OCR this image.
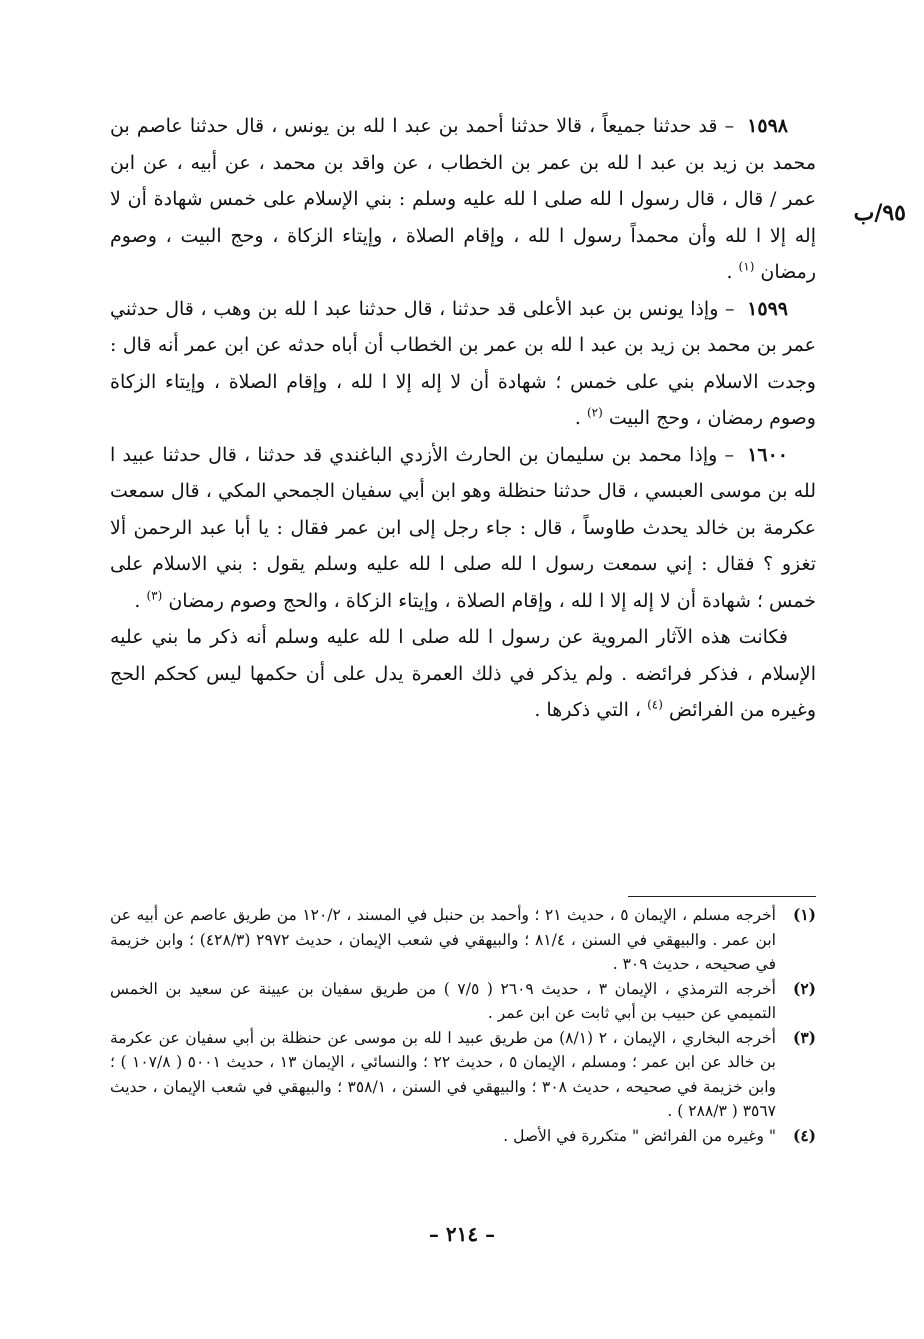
٩٥/ب

١٥٩٨ – قد حدثنا جميعاً ، قالا حدثنا أحمد بن عبد ا لله بن يونس ، قال حدثنا عاصم بن محمد بن زيد بن عبد ا لله بن عمر بن الخطاب ، عن واقد بن محمد ، عن أبيه ، عن ابن عمر / قال ، قال رسول ا لله صلى ا لله عليه وسلم : بني الإسلام على خمس شهادة أن لا إله إلا ا لله وأن محمداً رسول ا لله ، وإقام الصلاة ، وإيتاء الزكاة ، وحج البيت ، وصوم رمضان $^{(١)}$ .

١٥٩٩ – وإذا يونس بن عبد الأعلى قد حدثنا ، قال حدثنا عبد ا لله بن وهب ، قال حدثني عمر بن محمد بن زيد بن عبد ا لله بن عمر بن الخطاب أن أباه حدثه عن ابن عمر أنه قال : وجدت الاسلام بني على خمس ؛ شهادة أن لا إله إلا ا لله ، وإقام الصلاة ، وإيتاء الزكاة وصوم رمضان ، وحج البيت $^{(٢)}$ .

١٦٠٠ – وإذا محمد بن سليمان بن الحارث الأزدي الباغندي قد حدثنا ، قال حدثنا عبيد ا لله بن موسى العبسي ، قال حدثنا حنظلة وهو ابن أبي سفيان الجمحي المكي ، قال سمعت عكرمة بن خالد يحدث طاوساً ، قال : جاء رجل إلى ابن عمر فقال : يا أبا عبد الرحمن ألا تغزو ؟ فقال : إني سمعت رسول ا لله صلى ا لله عليه وسلم يقول : بني الاسلام على خمس ؛ شهادة أن لا إله إلا ا لله ، وإقام الصلاة ، وإيتاء الزكاة ، والحج وصوم رمضان $^{(٣)}$ .

فكانت هذه الآثار المروية عن رسول ا لله صلى ا لله عليه وسلم أنه ذكر ما بني عليه الإسلام ، فذكر فرائضه . ولم يذكر في ذلك العمرة يدل على أن حكمها ليس كحكم الحج وغيره من الفرائض $^{(٤)}$ ، التي ذكرها .

(١)
أخرجه مسلم ، الإيمان ٥ ، حديث ٢١ ؛ وأحمد بن حنبل في المسند ، ١٢٠/٢ من طريق عاصم عن أبيه عن ابن عمر . والبيهقي في السنن ، ٨١/٤ ؛ والبيهقي في شعب الإيمان ، حديث ٢٩٧٢ (٤٢٨/٣) ؛ وابن خزيمة في صحيحه ، حديث ٣٠٩ .
(٢)
أخرجه الترمذي ، الإيمان ٣ ، حديث ٢٦٠٩ ( ٧/٥ ) من طريق سفيان بن عيينة عن سعيد بن الخمس التميمي عن حبيب بن أبي ثابت عن ابن عمر .
(٣)
أخرجه البخاري ، الإيمان ، ٢ (٨/١) من طريق عبيد ا لله بن موسى عن حنظلة بن أبي سفيان عن عكرمة بن خالد عن ابن عمر ؛ ومسلم ، الإيمان ٥ ، حديث ٢٢ ؛ والنسائي ، الإيمان ١٣ ، حديث ٥٠٠١ ( ١٠٧/٨ ) ؛ وابن خزيمة في صحيحه ، حديث ٣٠٨ ؛ والبيهقي في السنن ، ٣٥٨/١ ؛ والبيهقي في شعب الإيمان ، حديث ٣٥٦٧ ( ٢٨٨/٣ ) .
(٤)
" وغيره من الفرائض " متكررة في الأصل .
– ٢١٤ –
